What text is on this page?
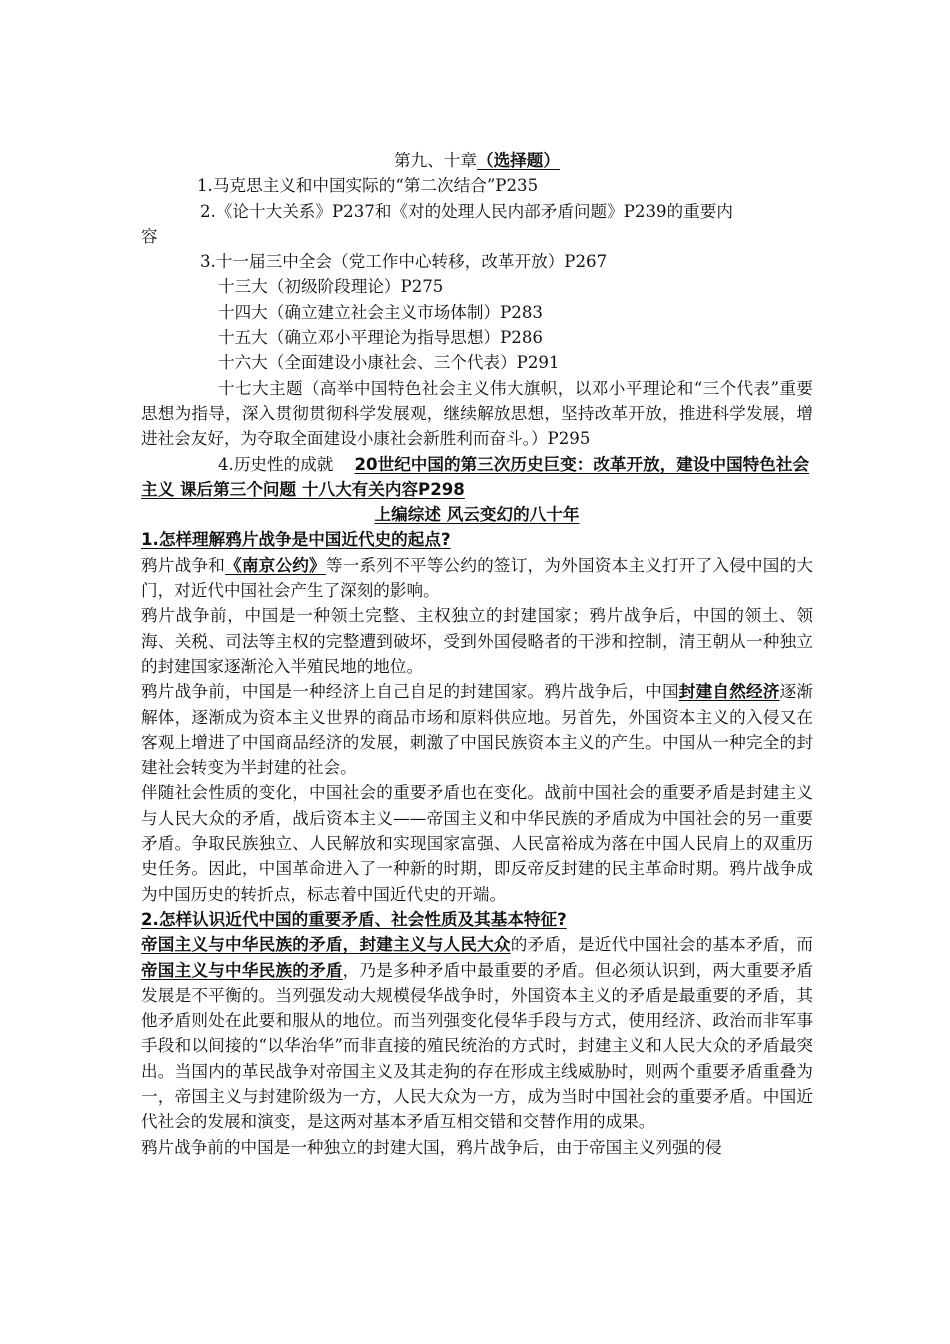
第九、十章（选择题）

1.马克思主义和中国实际的“第二次结合”P235

2.《论十大关系》P237和《对的处理人民内部矛盾问题》P239的重要内

容

3.十一届三中全会（党工作中心转移，改革开放）P267

十三大（初级阶段理论）P275

十四大（确立建立社会主义市场体制）P283

十五大（确立邓小平理论为指导思想）P286

十六大（全面建设小康社会、三个代表）P291

十七大主题（高举中国特色社会主义伟大旗帜，以邓小平理论和“三个代表”重要思想为指导，深入贯彻贯彻科学发展观，继续解放思想，坚持改革开放，推进科学发展，增进社会友好，为夺取全面建设小康社会新胜利而奋斗。）P295

4.历史性的成就 20世纪中国的第三次历史巨变：改革开放，建设中国特色社会主义 课后第三个问题 十八大有关内容P298

上编综述 风云变幻的八十年

1.怎样理解鸦片战争是中国近代史的起点?

鸦片战争和《南京公约》等一系列不平等公约的签订，为外国资本主义打开了入侵中国的大门，对近代中国社会产生了深刻的影响。

鸦片战争前，中国是一种领土完整、主权独立的封建国家；鸦片战争后，中国的领土、领海、关税、司法等主权的完整遭到破坏，受到外国侵略者的干涉和控制，清王朝从一种独立的封建国家逐渐沦入半殖民地的地位。

鸦片战争前，中国是一种经济上自己自足的封建国家。鸦片战争后，中国封建自然经济逐渐解体，逐渐成为资本主义世界的商品市场和原料供应地。另首先，外国资本主义的入侵又在客观上增进了中国商品经济的发展，刺激了中国民族资本主义的产生。中国从一种完全的封建社会转变为半封建的社会。

伴随社会性质的变化，中国社会的重要矛盾也在变化。战前中国社会的重要矛盾是封建主义与人民大众的矛盾，战后资本主义——帝国主义和中华民族的矛盾成为中国社会的另一重要矛盾。争取民族独立、人民解放和实现国家富强、人民富裕成为落在中国人民肩上的双重历史任务。因此，中国革命进入了一种新的时期，即反帝反封建的民主革命时期。鸦片战争成为中国历史的转折点，标志着中国近代史的开端。

2.怎样认识近代中国的重要矛盾、社会性质及其基本特征?

帝国主义与中华民族的矛盾，封建主义与人民大众的矛盾，是近代中国社会的基本矛盾，而帝国主义与中华民族的矛盾，乃是多种矛盾中最重要的矛盾。但必须认识到，两大重要矛盾发展是不平衡的。当列强发动大规模侵华战争时，外国资本主义的矛盾是最重要的矛盾，其他矛盾则处在此要和服从的地位。而当列强变化侵华手段与方式，使用经济、政治而非军事手段和以间接的“以华治华”而非直接的殖民统治的方式时，封建主义和人民大众的矛盾最突出。当国内的革民战争对帝国主义及其走狗的存在形成主线威胁时，则两个重要矛盾重叠为一，帝国主义与封建阶级为一方，人民大众为一方，成为当时中国社会的重要矛盾。中国近代社会的发展和演变，是这两对基本矛盾互相交错和交替作用的成果。

鸦片战争前的中国是一种独立的封建大国，鸦片战争后，由于帝国主义列强的侵
